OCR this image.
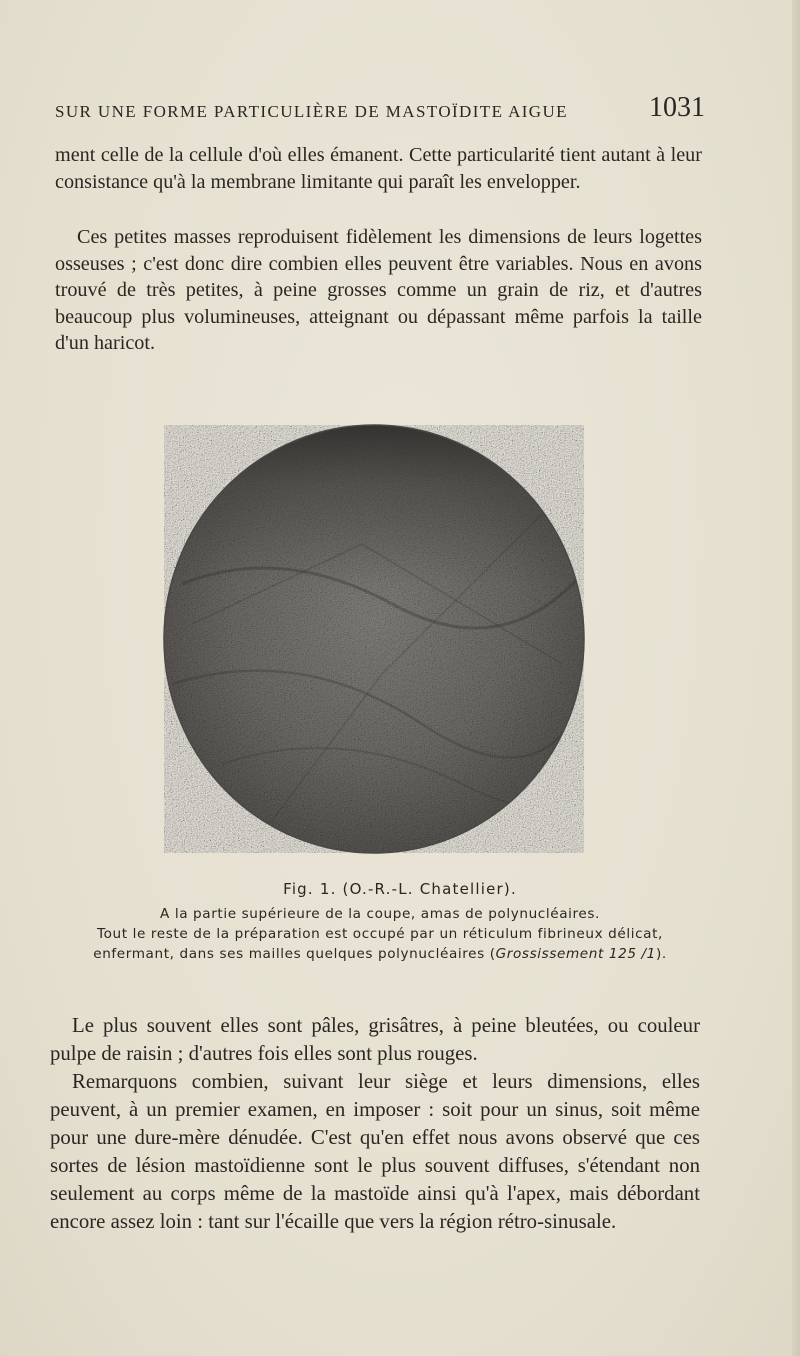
SUR UNE FORME PARTICULIÈRE DE MASTOÏDITE AIGUE	1031

ment celle de la cellule d'où elles émanent. Cette particularité tient autant à leur consistance qu'à la membrane limitante qui paraît les envelopper.

Ces petites masses reproduisent fidèlement les dimensions de leurs logettes osseuses ; c'est donc dire combien elles peuvent être variables. Nous en avons trouvé de très petites, à peine grosses comme un grain de riz, et d'autres beaucoup plus volumineuses, atteignant ou dépassant même parfois la taille d'un haricot.

Fig. 1. (O.-R.-L. Chatellier).

A la partie supérieure de la coupe, amas de polynucléaires.
Tout le reste de la préparation est occupé par un réticulum fibrineux délicat, enfermant, dans ses mailles quelques polynucléaires (Grossissement 125 /1).

Le plus souvent elles sont pâles, grisâtres, à peine bleutées, ou couleur pulpe de raisin ; d'autres fois elles sont plus rouges.
Remarquons combien, suivant leur siège et leurs dimensions, elles peuvent, à un premier examen, en imposer : soit pour un sinus, soit même pour une dure-mère dénudée. C'est qu'en effet nous avons observé que ces sortes de lésion mastoïdienne sont le plus souvent diffuses, s'étendant non seulement au corps même de la mastoïde ainsi qu'à l'apex, mais débordant encore assez loin : tant sur l'écaille que vers la région rétro-sinusale.
